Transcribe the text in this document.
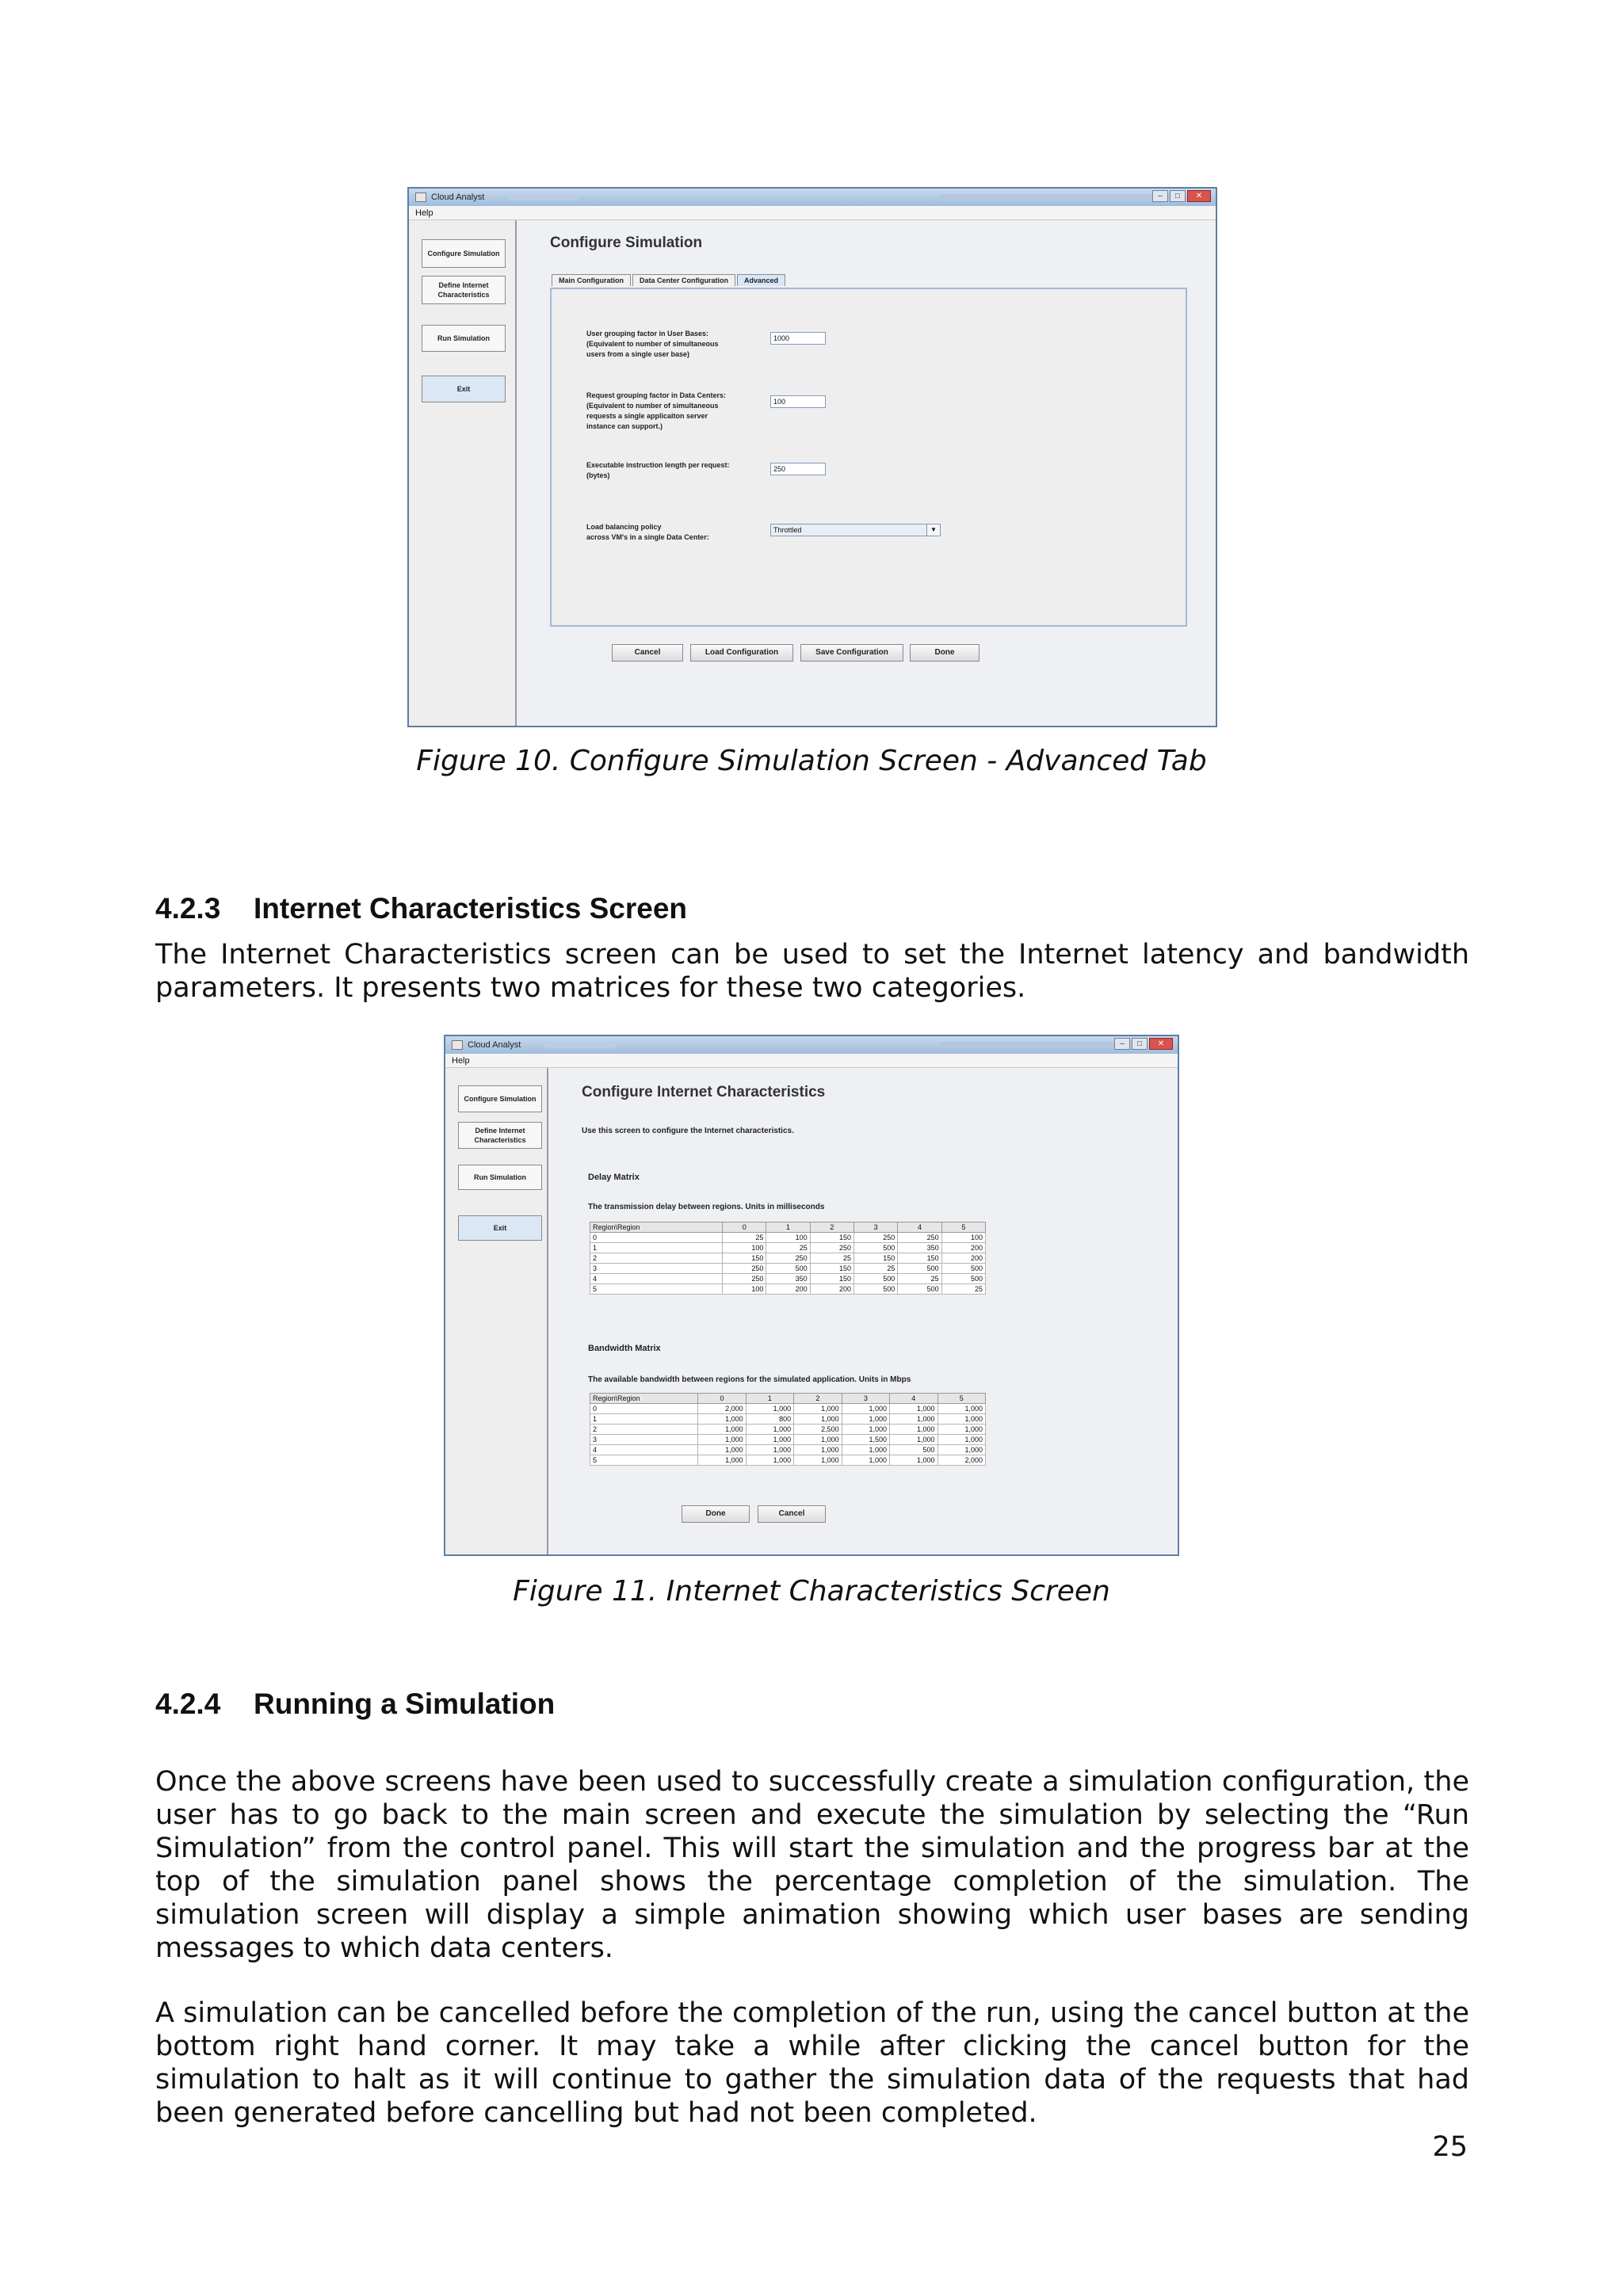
Cloud Analyst	–	□	✕
Help
Configure Simulation
Define Internet Characteristics
Run Simulation
Exit
Configure Simulation
Main Configuration	Data Center Configuration	Advanced
User grouping factor in User Bases:
(Equivalent to number of simultaneous
users from a single user base)
1000
Request grouping factor in Data Centers:
(Equivalent to number of simultaneous
requests a single applicaiton server
instance can support.)
100
Executable instruction length per request:
(bytes)
250
Load balancing policy
across VM's in a single Data Center:
Throttled	▼
Cancel	Load Configuration	Save Configuration	Done
Figure 10. Configure Simulation Screen - Advanced Tab
4.2.3 Internet Characteristics Screen
The Internet Characteristics screen can be used to set the Internet latency and bandwidth parameters. It presents two matrices for these two categories.
Cloud Analyst	–	□	✕
Help
Configure Simulation
Define Internet Characteristics
Run Simulation
Exit
Configure Internet Characteristics
Use this screen to configure the Internet characteristics.
Delay Matrix
The transmission delay between regions. Units in milliseconds
Region\Region	0	1	2	3	4	5
0	25	100	150	250	250	100
1	100	25	250	500	350	200
2	150	250	25	150	150	200
3	250	500	150	25	500	500
4	250	350	150	500	25	500
5	100	200	200	500	500	25
Bandwidth Matrix
The available bandwidth between regions for the simulated application. Units in Mbps
Region\Region	0	1	2	3	4	5
0	2,000	1,000	1,000	1,000	1,000	1,000
1	1,000	800	1,000	1,000	1,000	1,000
2	1,000	1,000	2,500	1,000	1,000	1,000
3	1,000	1,000	1,000	1,500	1,000	1,000
4	1,000	1,000	1,000	1,000	500	1,000
5	1,000	1,000	1,000	1,000	1,000	2,000
Done	Cancel
Figure 11. Internet Characteristics Screen
4.2.4 Running a Simulation
Once the above screens have been used to successfully create a simulation configuration, the user has to go back to the main screen and execute the simulation by selecting the “Run Simulation” from the control panel. This will start the simulation and the progress bar at the top of the simulation panel shows the percentage completion of the simulation. The simulation screen will display a simple animation showing which user bases are sending messages to which data centers.
A simulation can be cancelled before the completion of the run, using the cancel button at the bottom right hand corner. It may take a while after clicking the cancel button for the simulation to halt as it will continue to gather the simulation data of the requests that had been generated before cancelling but had not been completed.
25
